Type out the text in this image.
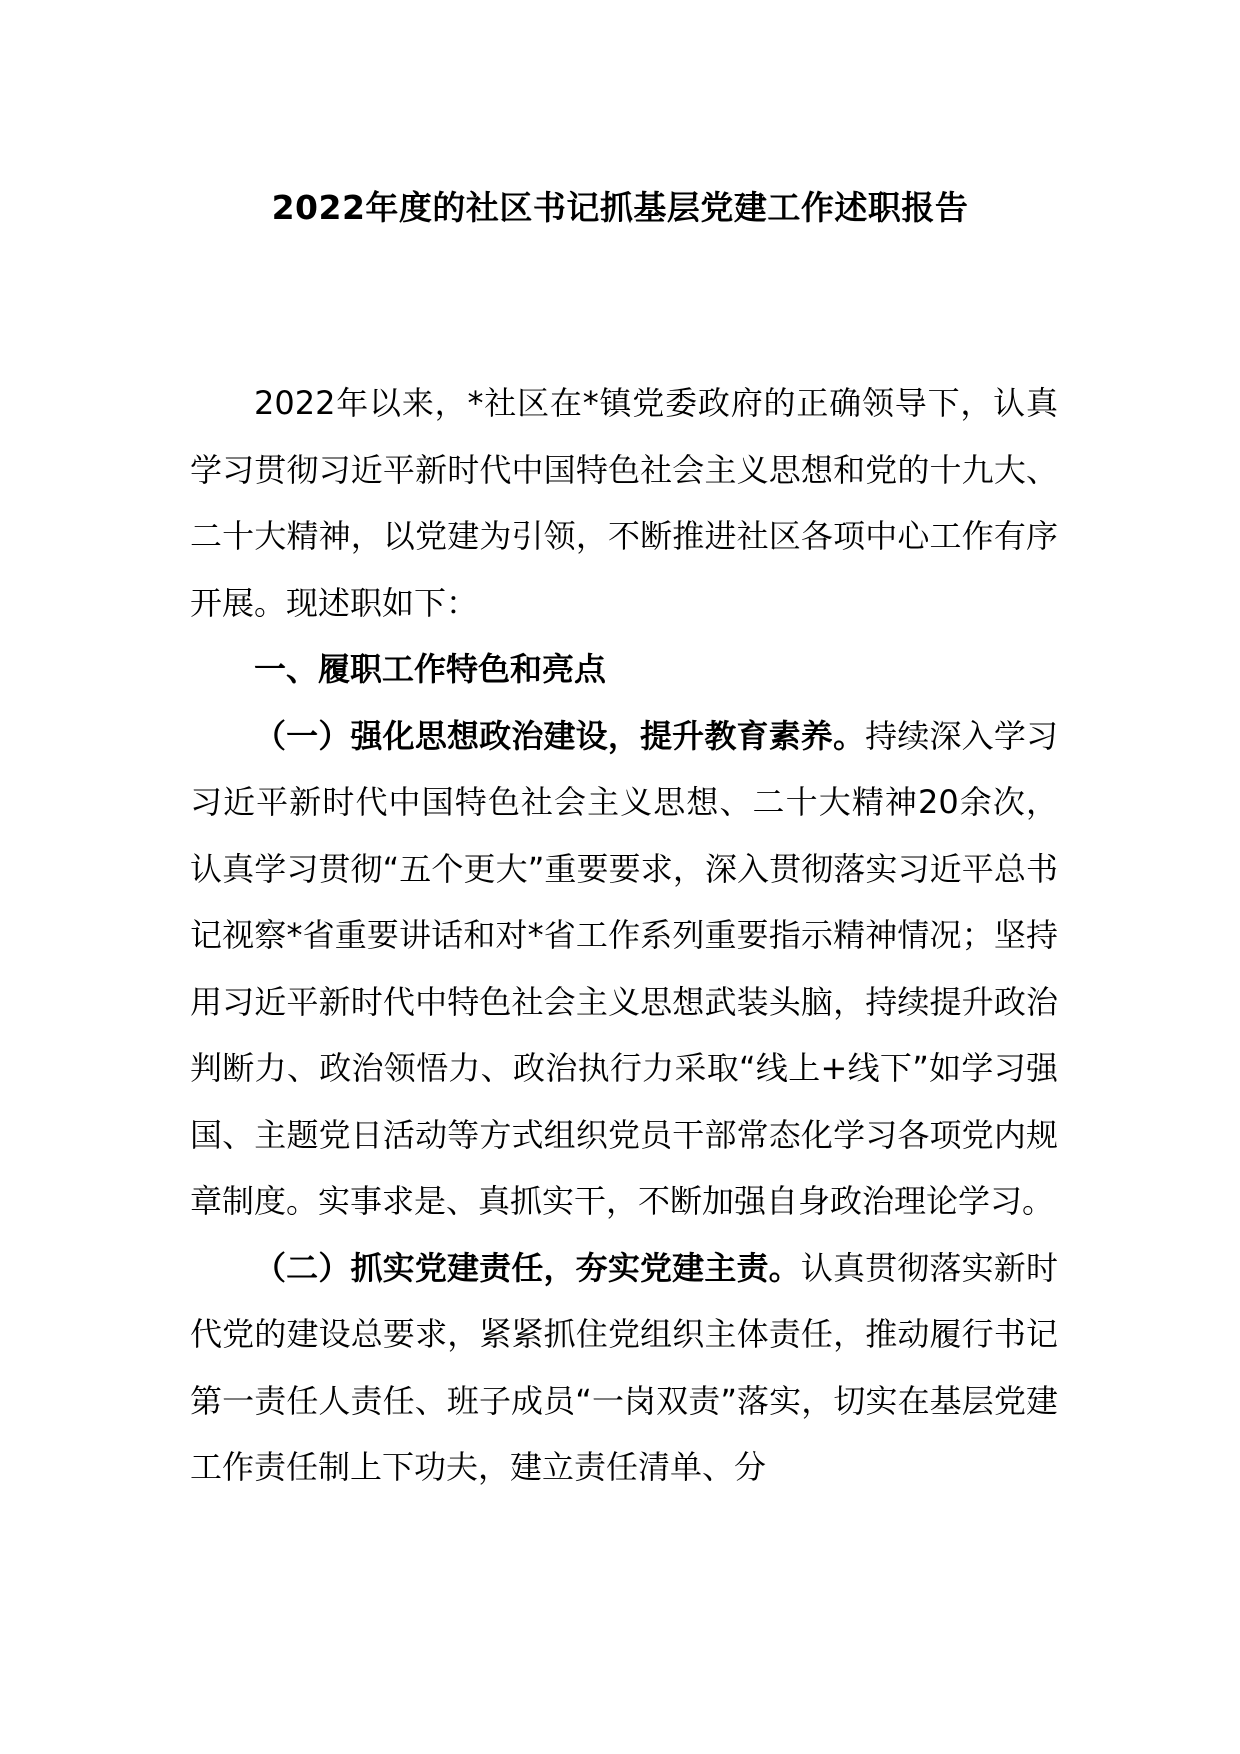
2022年度的社区书记抓基层党建工作述职报告

2022年以来，*社区在*镇党委政府的正确领导下，认真学习贯彻习近平新时代中国特色社会主义思想和党的十九大、二十大精神，以党建为引领，不断推进社区各项中心工作有序开展。现述职如下：

一、履职工作特色和亮点

（一）强化思想政治建设，提升教育素养。持续深入学习习近平新时代中国特色社会主义思想、二十大精神20余次，认真学习贯彻“五个更大”重要要求，深入贯彻落实习近平总书记视察*省重要讲话和对*省工作系列重要指示精神情况；坚持用习近平新时代中特色社会主义思想武装头脑，持续提升政治判断力、政治领悟力、政治执行力采取“线上+线下”如学习强国、主题党日活动等方式组织党员干部常态化学习各项党内规章制度。实事求是、真抓实干，不断加强自身政治理论学习。

（二）抓实党建责任，夯实党建主责。认真贯彻落实新时代党的建设总要求，紧紧抓住党组织主体责任，推动履行书记第一责任人责任、班子成员“一岗双责”落实，切实在基层党建工作责任制上下功夫，建立责任清单、分
